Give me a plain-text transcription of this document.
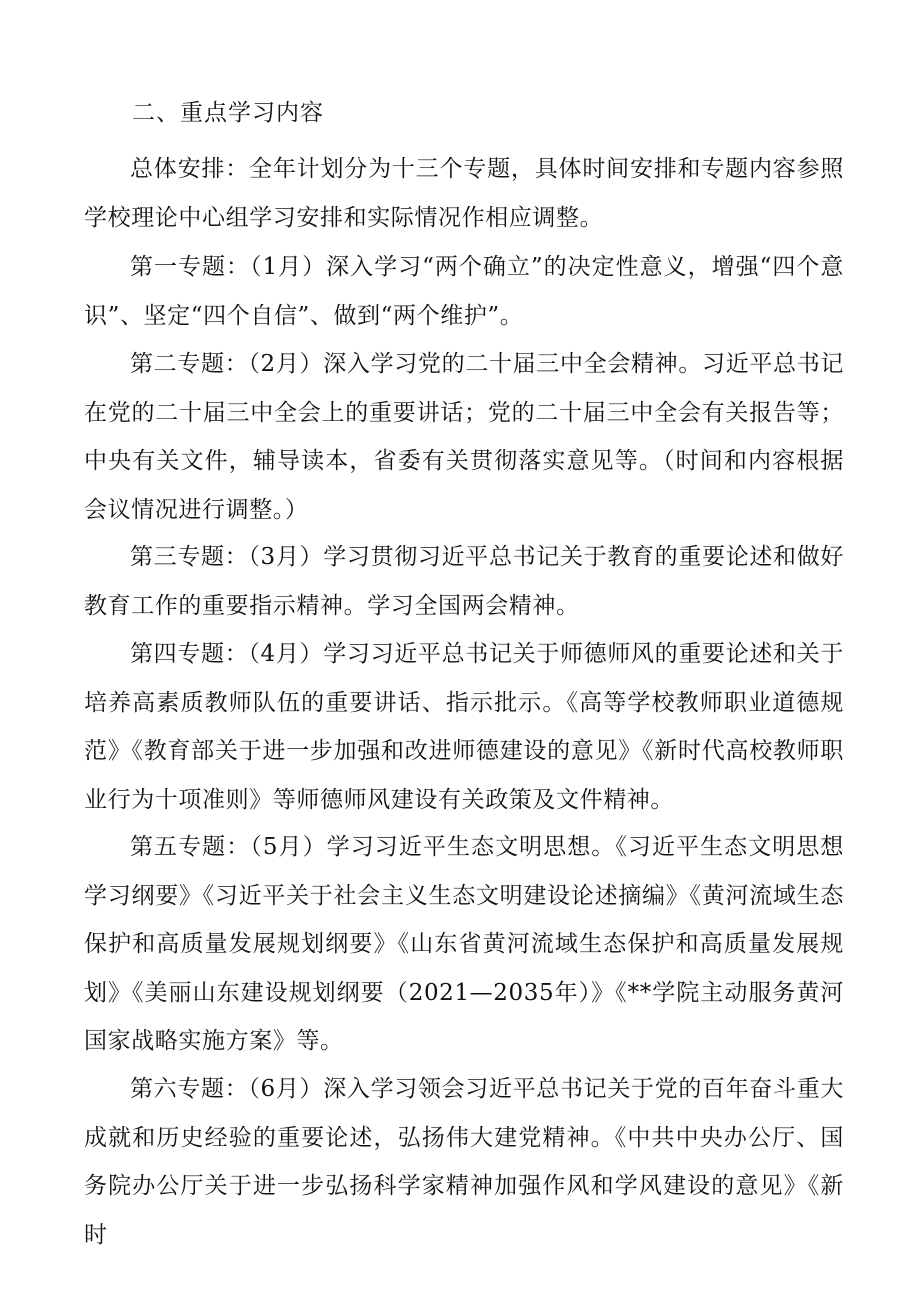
二、重点学习内容

总体安排：全年计划分为十三个专题，具体时间安排和专题内容参照学校理论中心组学习安排和实际情况作相应调整。

第一专题：（1月）深入学习“两个确立”的决定性意义，增强“四个意识”、坚定“四个自信”、做到“两个维护”。

第二专题：（2月）深入学习党的二十届三中全会精神。习近平总书记在党的二十届三中全会上的重要讲话；党的二十届三中全会有关报告等；中央有关文件，辅导读本，省委有关贯彻落实意见等。（时间和内容根据会议情况进行调整。）

第三专题：（3月）学习贯彻习近平总书记关于教育的重要论述和做好教育工作的重要指示精神。学习全国两会精神。

第四专题：（4月）学习习近平总书记关于师德师风的重要论述和关于培养高素质教师队伍的重要讲话、指示批示。《高等学校教师职业道德规范》《教育部关于进一步加强和改进师德建设的意见》《新时代高校教师职业行为十项准则》等师德师风建设有关政策及文件精神。

第五专题：（5月）学习习近平生态文明思想。《习近平生态文明思想学习纲要》《习近平关于社会主义生态文明建设论述摘编》《黄河流域生态保护和高质量发展规划纲要》《山东省黄河流域生态保护和高质量发展规划》《美丽山东建设规划纲要（2021—2035年）》《**学院主动服务黄河国家战略实施方案》等。

第六专题：（6月）深入学习领会习近平总书记关于党的百年奋斗重大成就和历史经验的重要论述，弘扬伟大建党精神。《中共中央办公厅、国务院办公厅关于进一步弘扬科学家精神加强作风和学风建设的意见》《新时
